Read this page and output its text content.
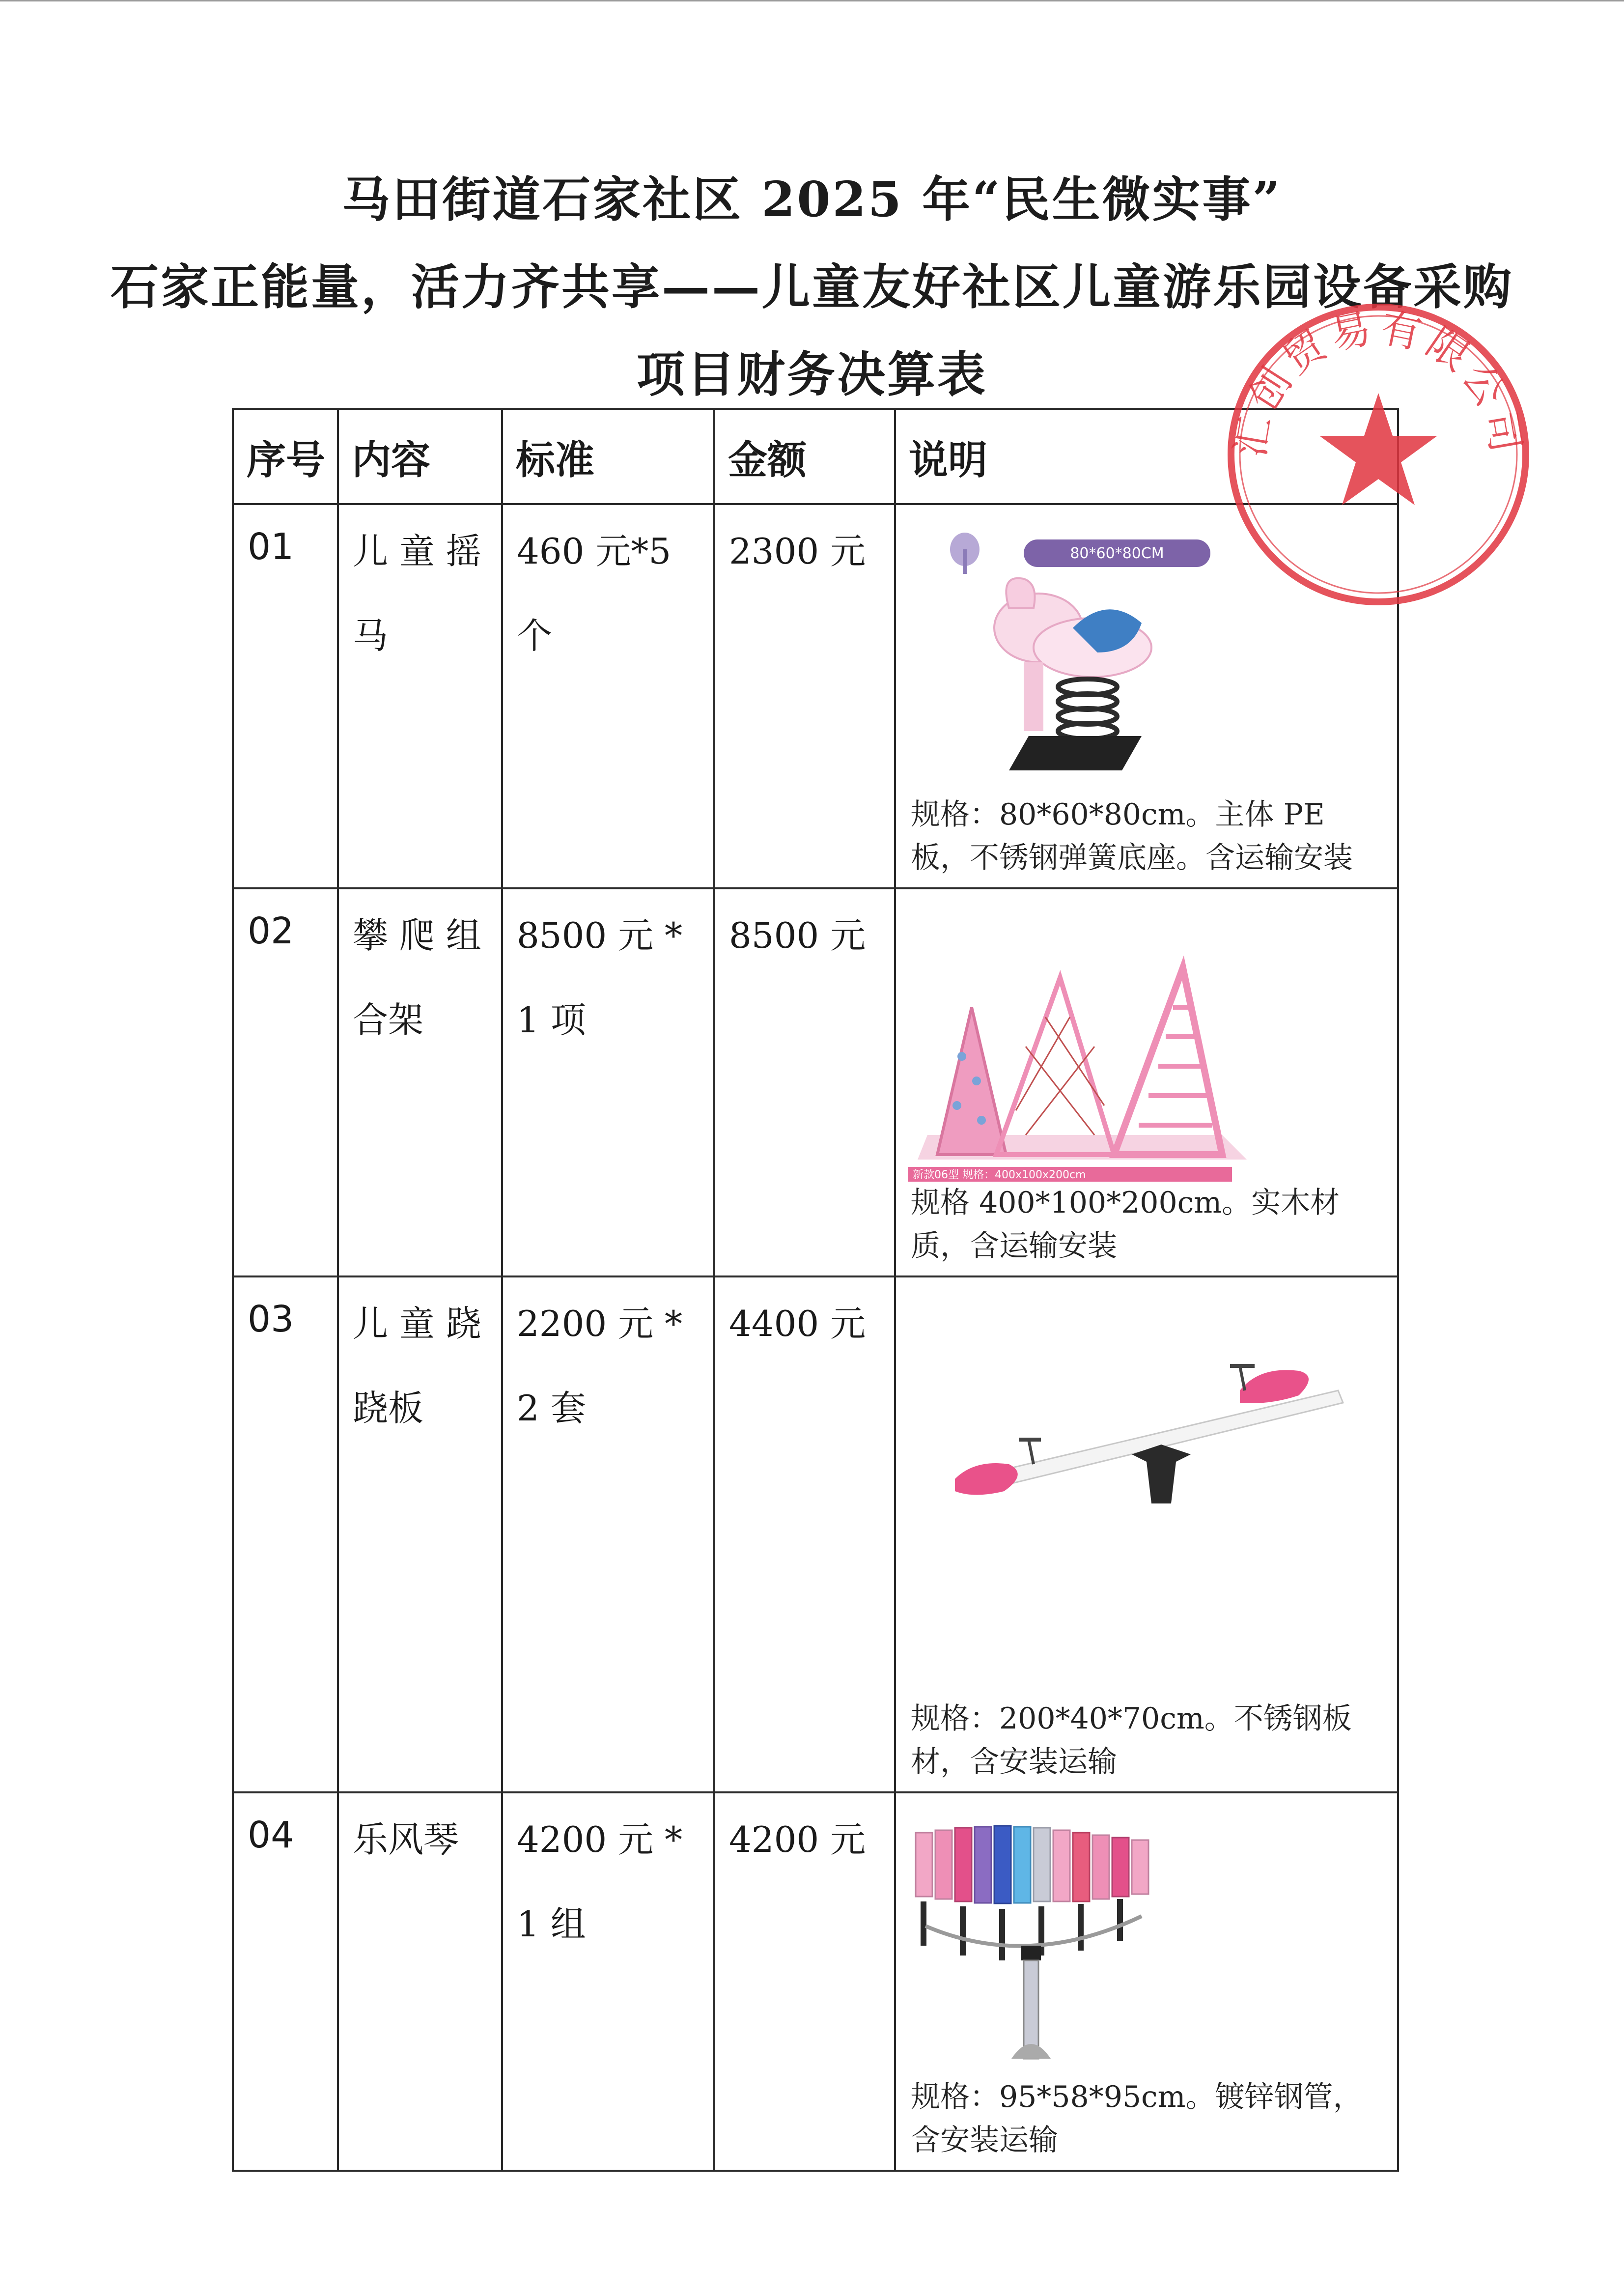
马田街道石家社区 2025 年“民生微实事”
石家正能量，活力齐共享——儿童友好社区儿童游乐园设备采购
项目财务决算表
序号	内容	标准	金额	说明
01	儿 童 摇 马	460 元*5 个	2300 元	80*60*80CM
规格：80*60*80cm。主体 PE 板，不锈钢弹簧底座。含运输安装

02	攀 爬 组 合架	8500 元 *1 项	8500 元	新款06型 规格：400x100x200cm
规格 400*100*200cm。实木材质，含运输安装

03	儿 童 跷 跷板	2200 元 *2 套	4400 元	规格：200*40*70cm。不锈钢板材，含安装运输

04	乐风琴	4200 元 *1 组	4200 元	规格：95*58*95cm。镀锌钢管，含安装运输
汇创贸易有限公司
